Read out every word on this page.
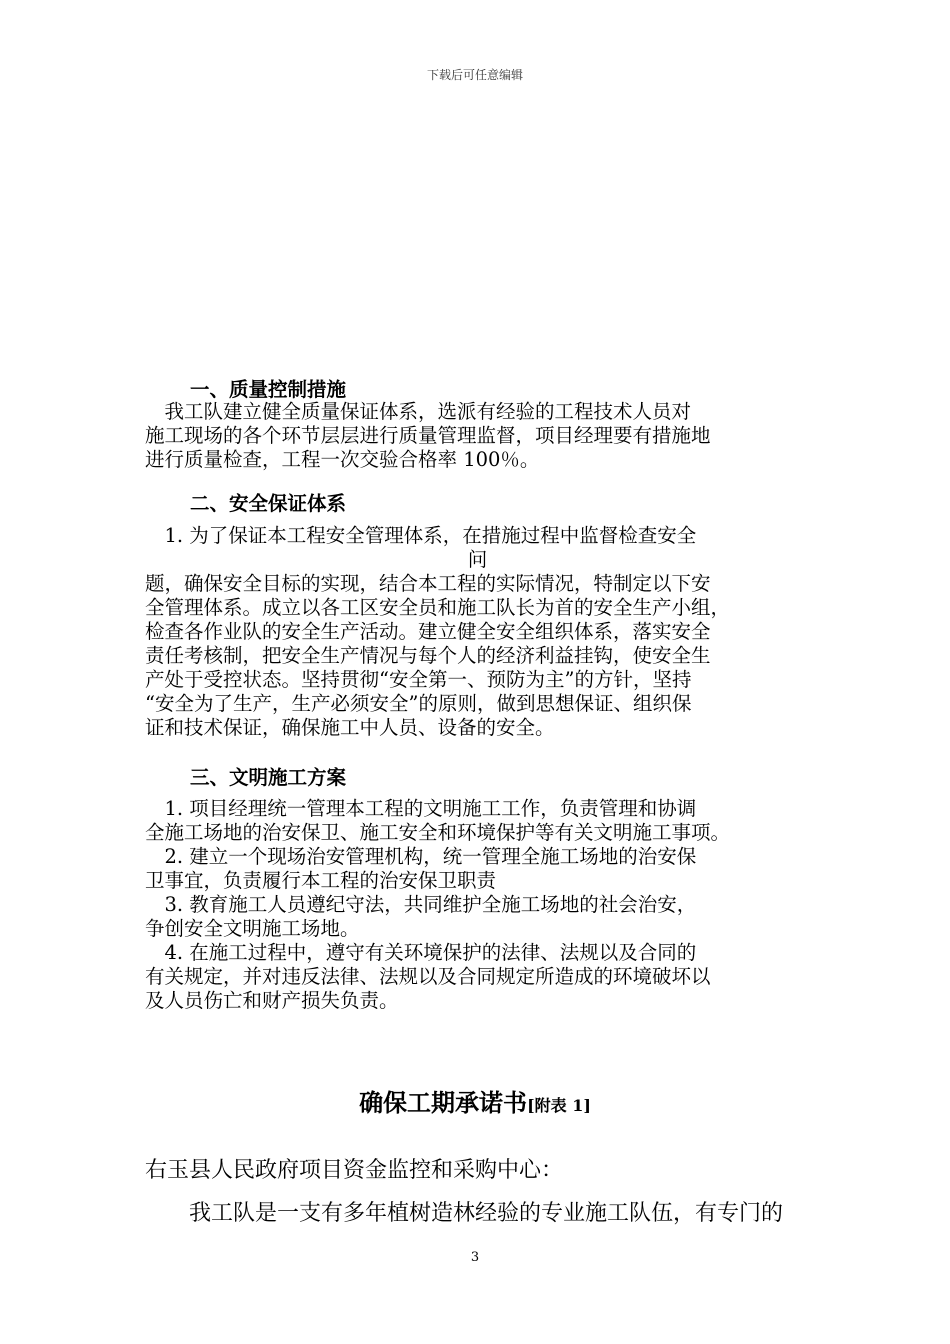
下载后可任意编辑
一、质量控制措施
　我工队建立健全质量保证体系，选派有经验的工程技术人员对
施工现场的各个环节层层进行质量管理监督，项目经理要有措施地
进行质量检查，工程一次交验合格率 100％。
二、安全保证体系
　1. 为了保证本工程安全管理体系，在措施过程中监督检查安全
问
题，确保安全目标的实现，结合本工程的实际情况，特制定以下安
全管理体系。成立以各工区安全员和施工队长为首的安全生产小组，
检查各作业队的安全生产活动。建立健全安全组织体系，落实安全
责任考核制，把安全生产情况与每个人的经济利益挂钩，使安全生
产处于受控状态。坚持贯彻“安全第一、预防为主”的方针，坚持
“安全为了生产，生产必须安全”的原则，做到思想保证、组织保
证和技术保证，确保施工中人员、设备的安全。
三、文明施工方案
　1. 项目经理统一管理本工程的文明施工工作，负责管理和协调
全施工场地的治安保卫、施工安全和环境保护等有关文明施工事项。
　2. 建立一个现场治安管理机构，统一管理全施工场地的治安保
卫事宜，负责履行本工程的治安保卫职责
　3. 教育施工人员遵纪守法，共同维护全施工场地的社会治安，
争创安全文明施工场地。
　4. 在施工过程中，遵守有关环境保护的法律、法规以及合同的
有关规定，并对违反法律、法规以及合同规定所造成的环境破坏以
及人员伤亡和财产损失负责。
确保工期承诺书[附表 1]
右玉县人民政府项目资金监控和采购中心：
　　我工队是一支有多年植树造林经验的专业施工队伍，有专门的
3
